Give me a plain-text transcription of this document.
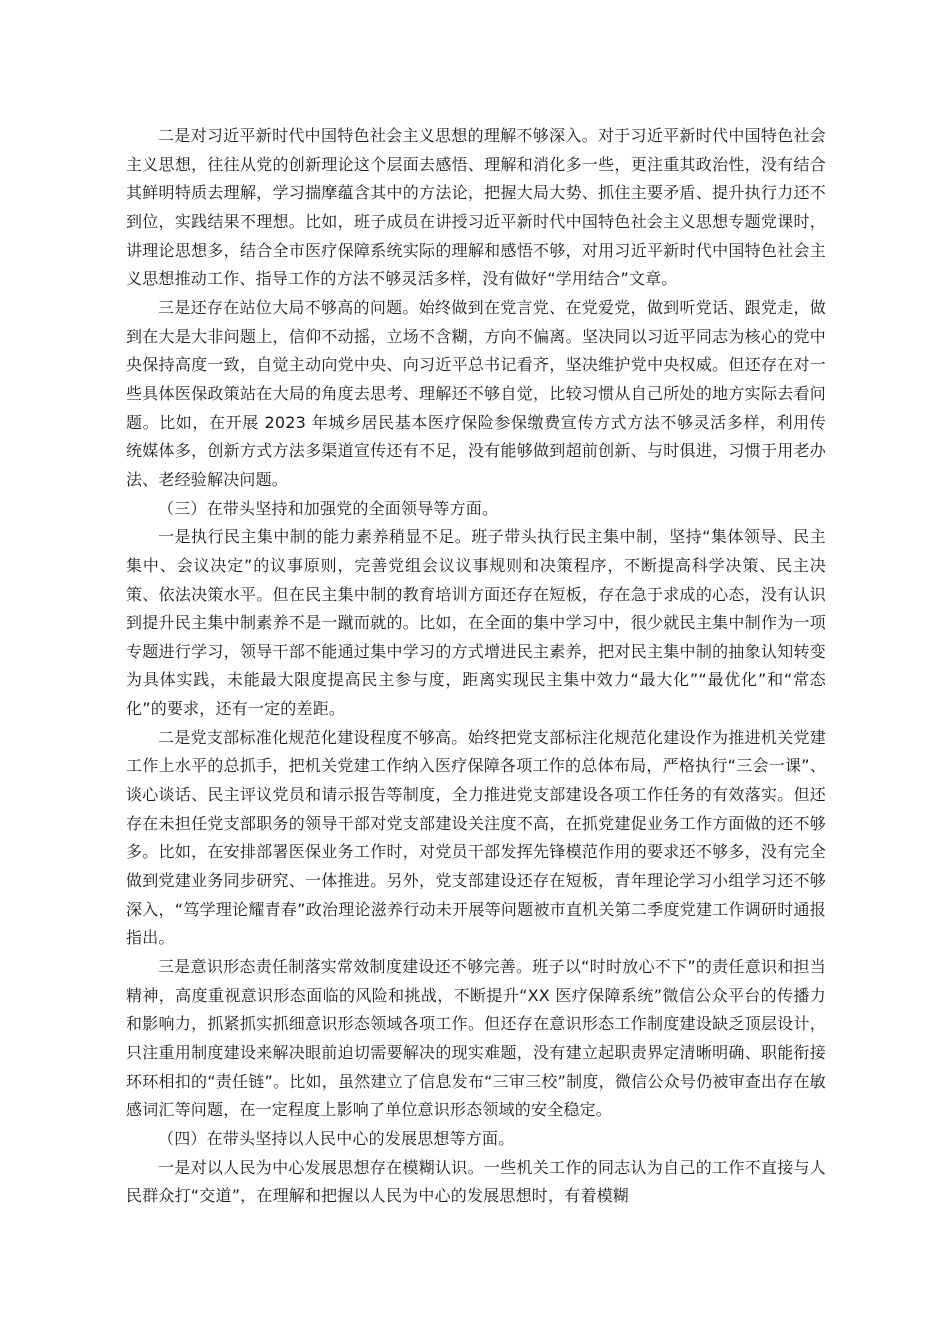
二是对习近平新时代中国特色社会主义思想的理解不够深入。对于习近平新时代中国特色社会主义思想，往往从党的创新理论这个层面去感悟、理解和消化多一些，更注重其政治性，没有结合其鲜明特质去理解，学习揣摩蕴含其中的方法论，把握大局大势、抓住主要矛盾、提升执行力还不到位，实践结果不理想。比如，班子成员在讲授习近平新时代中国特色社会主义思想专题党课时，讲理论思想多，结合全市医疗保障系统实际的理解和感悟不够，对用习近平新时代中国特色社会主义思想推动工作、指导工作的方法不够灵活多样，没有做好“学用结合”文章。

三是还存在站位大局不够高的问题。始终做到在党言党、在党爱党，做到听党话、跟党走，做到在大是大非问题上，信仰不动摇，立场不含糊，方向不偏离。坚决同以习近平同志为核心的党中央保持高度一致，自觉主动向党中央、向习近平总书记看齐，坚决维护党中央权威。但还存在对一些具体医保政策站在大局的角度去思考、理解还不够自觉，比较习惯从自己所处的地方实际去看问题。比如，在开展 2023 年城乡居民基本医疗保险参保缴费宣传方式方法不够灵活多样，利用传统媒体多，创新方式方法多渠道宣传还有不足，没有能够做到超前创新、与时俱进，习惯于用老办法、老经验解决问题。

（三）在带头坚持和加强党的全面领导等方面。

一是执行民主集中制的能力素养稍显不足。班子带头执行民主集中制，坚持“集体领导、民主集中、会议决定”的议事原则，完善党组会议议事规则和决策程序，不断提高科学决策、民主决策、依法决策水平。但在民主集中制的教育培训方面还存在短板，存在急于求成的心态，没有认识到提升民主集中制素养不是一蹴而就的。比如，在全面的集中学习中，很少就民主集中制作为一项专题进行学习，领导干部不能通过集中学习的方式增进民主素养，把对民主集中制的抽象认知转变为具体实践，未能最大限度提高民主参与度，距离实现民主集中效力“最大化”“最优化”和“常态化”的要求，还有一定的差距。

二是党支部标准化规范化建设程度不够高。始终把党支部标注化规范化建设作为推进机关党建工作上水平的总抓手，把机关党建工作纳入医疗保障各项工作的总体布局，严格执行“三会一课”、谈心谈话、民主评议党员和请示报告等制度，全力推进党支部建设各项工作任务的有效落实。但还存在未担任党支部职务的领导干部对党支部建设关注度不高，在抓党建促业务工作方面做的还不够多。比如，在安排部署医保业务工作时，对党员干部发挥先锋模范作用的要求还不够多，没有完全做到党建业务同步研究、一体推进。另外，党支部建设还存在短板，青年理论学习小组学习还不够深入，“笃学理论耀青春”政治理论滋养行动未开展等问题被市直机关第二季度党建工作调研时通报指出。

三是意识形态责任制落实常效制度建设还不够完善。班子以“时时放心不下”的责任意识和担当精神，高度重视意识形态面临的风险和挑战，不断提升“XX 医疗保障系统”微信公众平台的传播力和影响力，抓紧抓实抓细意识形态领域各项工作。但还存在意识形态工作制度建设缺乏顶层设计，只注重用制度建设来解决眼前迫切需要解决的现实难题，没有建立起职责界定清晰明确、职能衔接环环相扣的“责任链”。比如，虽然建立了信息发布“三审三校”制度，微信公众号仍被审查出存在敏感词汇等问题，在一定程度上影响了单位意识形态领域的安全稳定。

（四）在带头坚持以人民中心的发展思想等方面。

一是对以人民为中心发展思想存在模糊认识。一些机关工作的同志认为自己的工作不直接与人民群众打“交道”，在理解和把握以人民为中心的发展思想时，有着模糊
